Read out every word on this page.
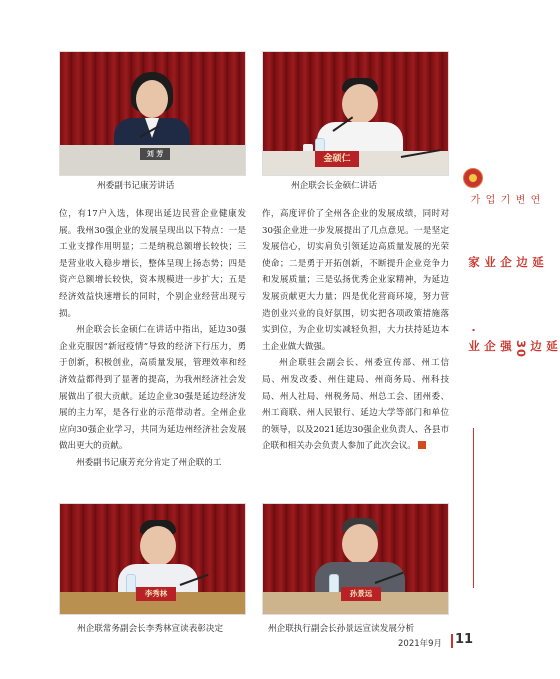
刘 芳
州委副书记康芳讲话
金硕仁
州企联会长金硕仁讲话
연변기업가
延边企业家
·
延边30强企业

位，有17户入选，体现出延边民营企业健康发展。我州30强企业的发展呈现出以下特点：一是工业支撑作用明显；二是纳税总额增长较快；三是营业收入稳步增长，整体呈现上扬态势；四是资产总额增长较快，资本规模进一步扩大；五是经济效益快速增长的同时，个别企业经营出现亏损。

州企联会长金硕仁在讲话中指出，延边30强企业克服因“新冠疫情”导致的经济下行压力，勇于创新，积极创业，高质量发展，管理效率和经济效益都得到了显著的提高，为我州经济社会发展做出了很大贡献。延边企业30强是延边经济发展的主力军，是各行业的示范带动者。全州企业应向30强企业学习，共同为延边州经济社会发展做出更大的贡献。

州委副书记康芳充分肯定了州企联的工

作，高度评价了全州各企业的发展成绩，同时对30强企业进一步发展提出了几点意见。一是坚定发展信心，切实肩负引领延边高质量发展的光荣使命；二是勇于开拓创新，不断提升企业竞争力和发展质量；三是弘扬优秀企业家精神，为延边发展贡献更大力量；四是优化营商环境，努力营造创业兴业的良好氛围，切实把各项政策措施落实到位，为企业切实减轻负担，大力扶持延边本土企业做大做强。

州企联驻会副会长、州委宣传部、州工信局、州发改委、州住建局、州商务局、州科技局、州人社局、州税务局、州总工会、团州委、州工商联、州人民银行、延边大学等部门和单位的领导，以及2021延边30强企业负责人、各县市企联和相关办会负责人参加了此次会议。

李秀林
州企联常务副会长李秀林宣读表彰决定
孙景远
州企联执行副会长孙景远宣读发展分析
2021年9月 11
